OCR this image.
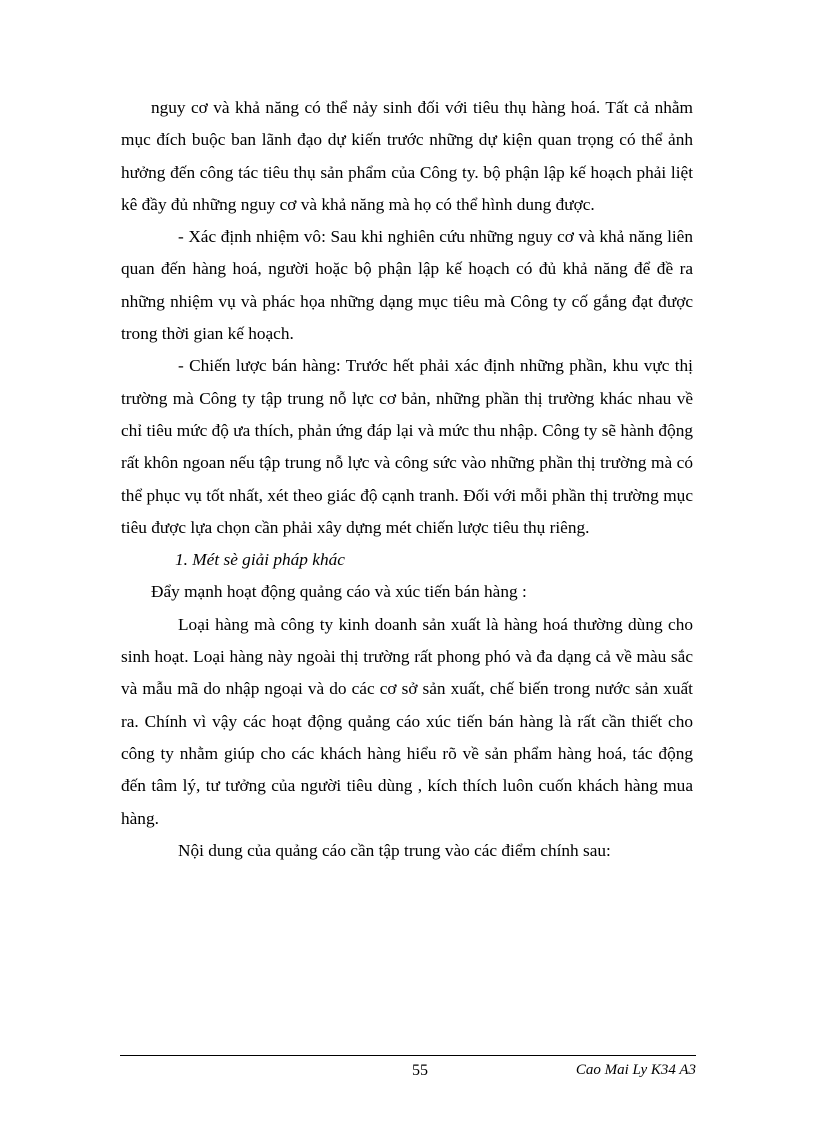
nguy cơ và khả năng có thể nảy sinh đối với tiêu thụ hàng hoá. Tất cả nhằm mục đích buộc ban lãnh đạo dự kiến trước những dự kiện quan trọng có thể ảnh hưởng đến công tác tiêu thụ sản phẩm của Công ty. bộ phận lập kế hoạch phải liệt kê đầy đủ những nguy cơ và khả năng mà họ có thể hình dung được.

- Xác định nhiệm vô: Sau khi nghiên cứu những nguy cơ và khả năng liên quan đến hàng hoá, người hoặc bộ phận lập kế hoạch có đủ khả năng để đề ra những nhiệm vụ và phác họa những dạng mục tiêu mà Công ty cố gắng đạt được trong thời gian kế hoạch.

- Chiến lược bán hàng: Trước hết phải xác định những phần, khu vực thị trường mà Công ty tập trung nỗ lực cơ bản, những phần thị trường khác nhau về chỉ tiêu mức độ ưa thích, phản ứng đáp lại và mức thu nhập. Công ty sẽ hành động rất khôn ngoan nếu tập trung nỗ lực và công sức vào những phần thị trường mà có thể phục vụ tốt nhất, xét theo giác độ cạnh tranh. Đối với mỗi phần thị trường mục tiêu được lựa chọn cần phải xây dựng mét chiến lược tiêu thụ riêng.

1. Mét sè giải pháp khác

Đẩy mạnh hoạt động quảng cáo và xúc tiến bán hàng :

Loại hàng mà công ty kinh doanh sản xuất là hàng hoá thường dùng cho sinh hoạt. Loại hàng này ngoài thị trường rất phong phó và đa dạng cả về màu sắc và mẫu mã do nhập ngoại và do các cơ sở sản xuất, chế biến trong nước sản xuất ra. Chính vì vậy các hoạt động quảng cáo xúc tiến bán hàng là rất cần thiết cho công ty nhằm giúp cho các khách hàng hiểu rõ về sản phẩm hàng hoá, tác động đến tâm lý, tư tưởng của người tiêu dùng , kích thích luôn cuốn khách hàng mua hàng.

Nội dung của quảng cáo cần tập trung vào các điểm chính sau:

55	Cao Mai Ly K34 A3
